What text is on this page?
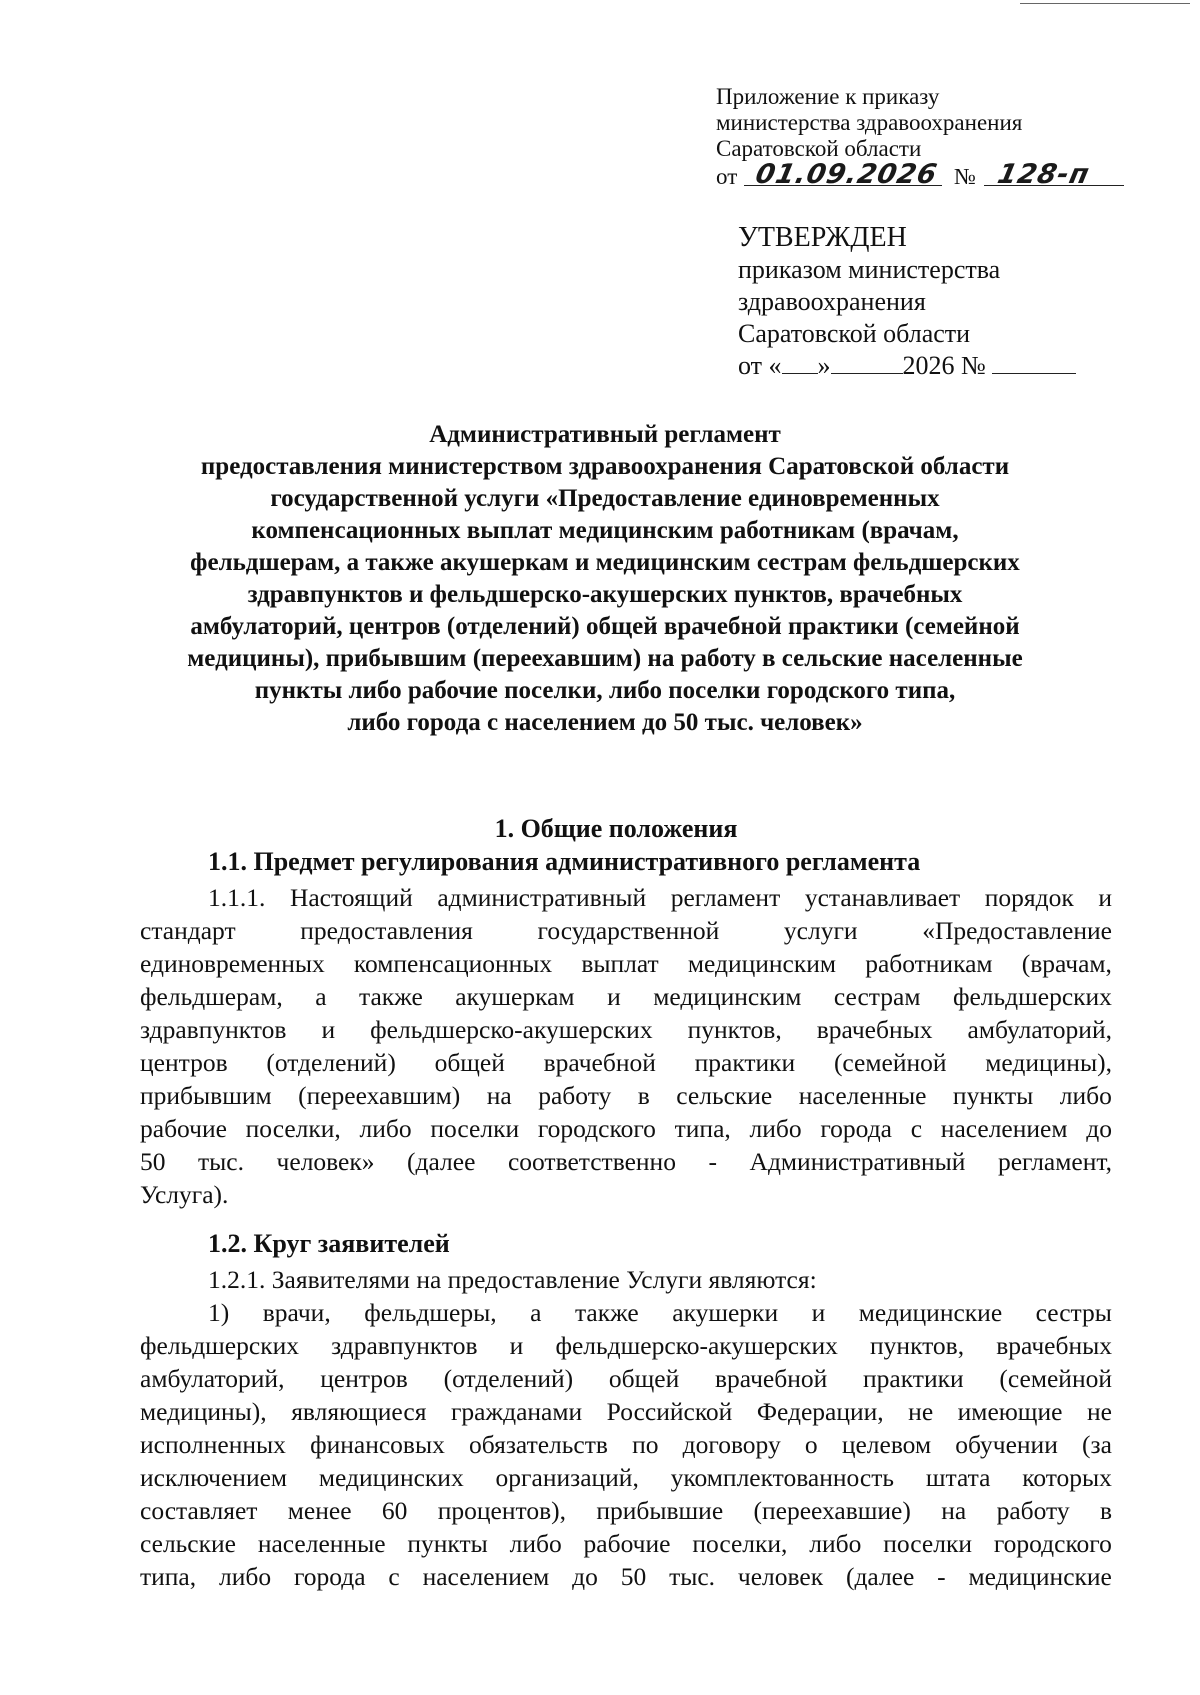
Приложение к приказу
министерства здравоохранения
Саратовской области
от 01.09.2026 № 128-п
УТВЕРЖДЕН
приказом министерства
здравоохранения
Саратовской области
от « »	2026 №
Административный регламент
предоставления министерством здравоохранения Саратовской области
государственной услуги «Предоставление единовременных
компенсационных выплат медицинским работникам (врачам,
фельдшерам, а также акушеркам и медицинским сестрам фельдшерских
здравпунктов и фельдшерско-акушерских пунктов, врачебных
амбулаторий, центров (отделений) общей врачебной практики (семейной
медицины), прибывшим (переехавшим) на работу в сельские населенные
пункты либо рабочие поселки, либо поселки городского типа,
либо города с населением до 50 тыс. человек»
1. Общие положения
1.1. Предмет регулирования административного регламента
1.1.1. Настоящий административный регламент устанавливает порядок и
стандарт	предоставления	государственной	услуги	«Предоставление
единовременных компенсационных выплат медицинским работникам (врачам,
фельдшерам, а также акушеркам и медицинским сестрам фельдшерских
здравпунктов и фельдшерско-акушерских пунктов, врачебных амбулаторий,
центров (отделений) общей врачебной практики (семейной медицины),
прибывшим (переехавшим) на работу в сельские населенные пункты либо
рабочие поселки, либо поселки городского типа, либо города с населением до
50 тыс. человек» (далее соответственно - Административный регламент,
Услуга).
1.2. Круг заявителей
1.2.1. Заявителями на предоставление Услуги являются:
1) врачи, фельдшеры, а также акушерки и медицинские сестры
фельдшерских здравпунктов и фельдшерско-акушерских пунктов, врачебных
амбулаторий, центров (отделений) общей врачебной практики (семейной
медицины), являющиеся гражданами Российской Федерации, не имеющие не
исполненных финансовых обязательств по договору о целевом обучении (за
исключением медицинских организаций, укомплектованность штата которых
составляет менее 60 процентов), прибывшие (переехавшие) на работу в
сельские населенные пункты либо рабочие поселки, либо поселки городского
типа, либо города с населением до 50 тыс. человек (далее - медицинские
